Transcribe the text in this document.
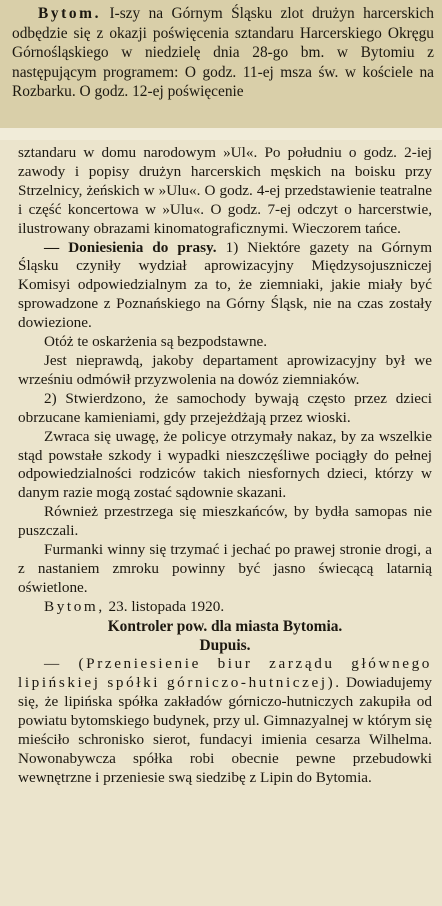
Bytom. I-szy na Górnym Śląsku zlot drużyn harcerskich odbędzie się z okazji poświęcenia sztandaru Harcerskiego Okręgu Górnośląskiego w niedzielę dnia 28-go bm. w Bytomiu z następującym programem: O godz. 11-ej msza św. w kościele na Rozbarku. O godz. 12-ej poświęcenie

sztandaru w domu narodowym »Ul«. Po południu o godz. 2-iej zawody i popisy drużyn harcerskich męskich na boisku przy Strzelnicy, żeńskich w »Ulu«. O godz. 4-ej przedstawienie teatralne i część koncertowa w »Ulu«. O godz. 7-ej odczyt o harcerstwie, ilustrowany obrazami kinomatograficznymi. Wieczorem tańce.

— Doniesienia do prasy. 1) Niektóre gazety na Górnym Śląsku czyniły wydział aprowizacyjny Międzysojuszniczej Komisyi odpowiedzialnym za to, że ziemniaki, jakie miały być sprowadzone z Poznańskiego na Górny Śląsk, nie na czas zostały dowiezione.

Otóż te oskarżenia są bezpodstawne.

Jest nieprawdą, jakoby departament aprowizacyjny był we wrześniu odmówił przyzwolenia na dowóz ziemniaków.

2) Stwierdzono, że samochody bywają często przez dzieci obrzucane kamieniami, gdy przejeżdżają przez wioski.

Zwraca się uwagę, że policye otrzymały nakaz, by za wszelkie stąd powstałe szkody i wypadki nieszczęśliwe pociągły do pełnej odpowiedzialności rodziców takich niesfornych dzieci, którzy w danym razie mogą zostać sądownie skazani.

Również przestrzega się mieszkańców, by bydła samopas nie puszczali.

Furmanki winny się trzymać i jechać po prawej stronie drogi, a z nastaniem zmroku powinny być jasno świecącą latarnią oświetlone.

Bytom, 23. listopada 1920.

Kontroler pow. dla miasta Bytomia.

Dupuis.

— (Przeniesienie biur zarządu głównego lipińskiej spółki górniczo-hutniczej). Dowiadujemy się, że lipińska spółka zakładów górniczo-hutniczych zakupiła od powiatu bytomskiego budynek, przy ul. Gimnazyalnej w którym się mieściło schronisko sierot, fundacyi imienia cesarza Wilhelma. Nowonabywcza spółka robi obecnie pewne przebudowki wewnętrzne i przeniesie swą siedzibę z Lipin do Bytomia.
